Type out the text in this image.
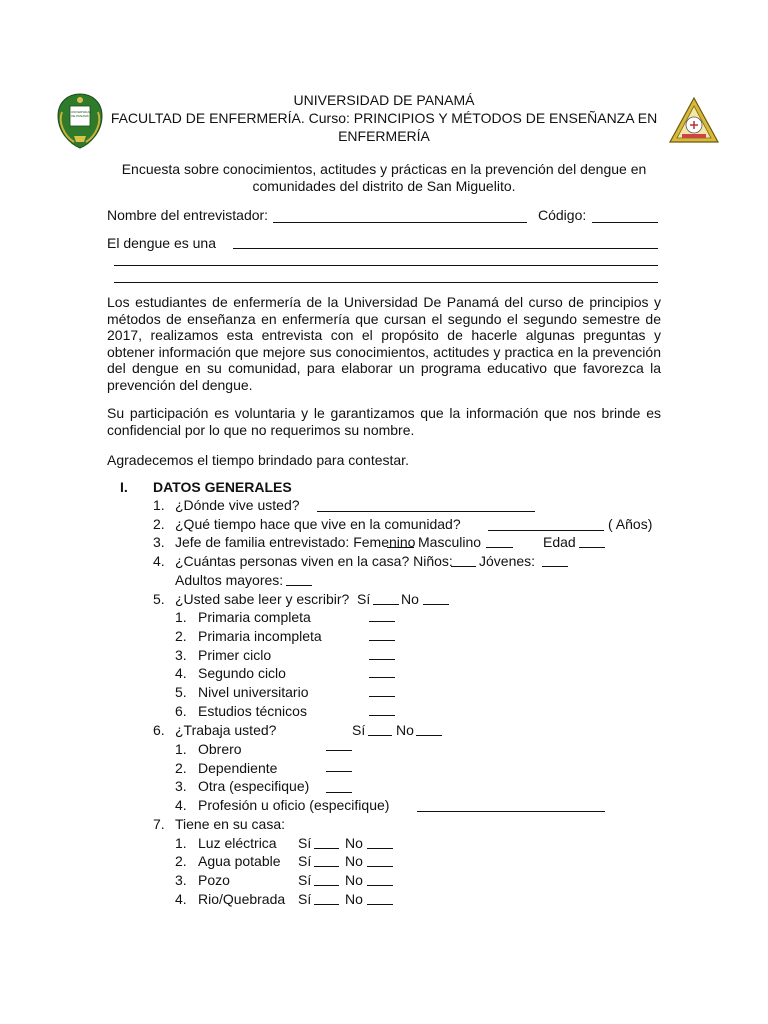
UNIVERSIDAD DE PANAMÁ
UNIVERSIDAD DE PANAMÁ
FACULTAD DE ENFERMERÍA. Curso: PRINCIPIOS Y MÉTODOS DE ENSEÑANZA EN
ENFERMERÍA
Encuesta sobre conocimientos, actitudes y prácticas en la prevención del dengue en
comunidades del distrito de San Miguelito.
Nombre del entrevistador:	Código:
El dengue es una
Los estudiantes de enfermería de la Universidad De Panamá del curso de principios y métodos de enseñanza en enfermería que cursan el segundo el segundo semestre de 2017, realizamos esta entrevista con el propósito de hacerle algunas preguntas y obtener información que mejore sus conocimientos, actitudes y practica en la prevención del dengue en su comunidad, para elaborar un programa educativo que favorezca la prevención del dengue.
Su participación es voluntaria y le garantizamos que la información que nos brinde es confidencial por lo que no requerimos su nombre.
Agradecemos el tiempo brindado para contestar.
I. DATOS GENERALES
1. ¿Dónde vive usted?
2. ¿Qué tiempo hace que vive en la comunidad?	( Años)
3. Jefe de familia entrevistado: Femenino Masculino	Edad
4. ¿Cuántas personas viven en la casa? Niños: Jóvenes:
Adultos mayores:
5. ¿Usted sabe leer y escribir? Sí No
1. Primaria completa
2. Primaria incompleta
3. Primer ciclo
4. Segundo ciclo
5. Nivel universitario
6. Estudios técnicos
6. ¿Trabaja usted?	Sí No
1. Obrero
2. Dependiente
3. Otra (especifique)
4. Profesión u oficio (especifique)
7. Tiene en su casa:
1. Luz eléctrica Sí No
2. Agua potable Sí No
3. Pozo	Sí No
4. Rio/Quebrada Sí No
